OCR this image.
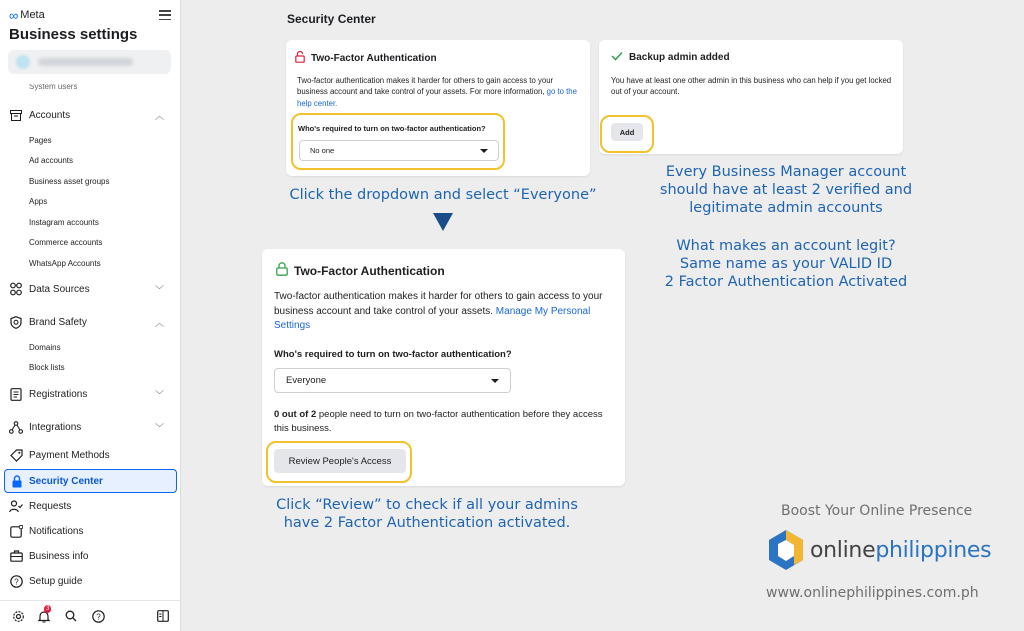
∞ Meta
Business settings
System users
Accounts	︿
Pages
Ad accounts
Business asset groups
Apps
Instagram accounts
Commerce accounts
WhatsApp Accounts
Data Sources	﹀
Brand Safety	︿
Domains
Block lists
Registrations	﹀
Integrations	﹀
Payment Methods
Security Center
Requests
Notifications
Business info
? Setup guide
3
?
Security Center
Two-Factor Authentication
Two-factor authentication makes it harder for others to gain access to your business account and take control of your assets. For more information, go to the help center.
Who's required to turn on two-factor authentication?
No one
Backup admin added
You have at least one other admin in this business who can help if you get locked out of your account.
Add
Click the dropdown and select “Everyone”
Every Business Manager account should have at least 2 verified and legitimate admin accounts
What makes an account legit?
Same name as your VALID ID
2 Factor Authentication Activated
Two-Factor Authentication
Two-factor authentication makes it harder for others to gain access to your business account and take control of your assets. Manage My Personal Settings
Who's required to turn on two-factor authentication?
Everyone
0 out of 2 people need to turn on two-factor authentication before they access this business.
Review People's Access
Click “Review” to check if all your admins
have 2 Factor Authentication activated.
Boost Your Online Presence
onlinephilippines
www.onlinephilippines.com.ph
